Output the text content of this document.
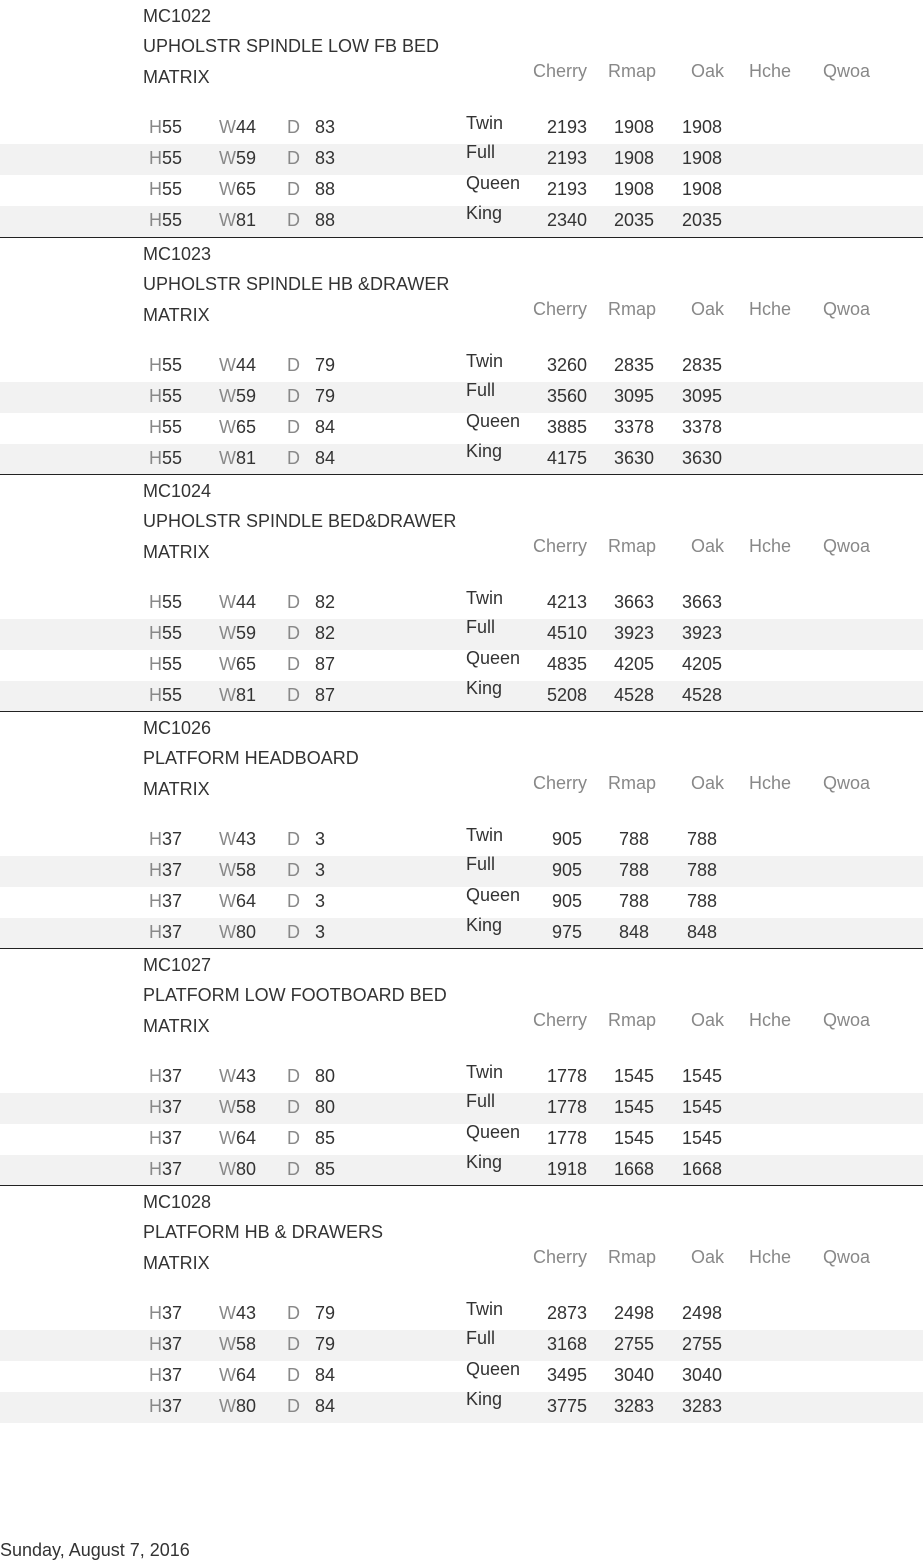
MC1022
UPHOLSTR SPINDLE LOW FB BED
MATRIX	Cherry Rmap Oak Hche Qwoa
H55 W44 D 83	Twin 2193 1908 1908
H55 W59 D 83	Full	2193 1908 1908
H55 W65 D 88	Queen 2193 1908 1908
H55 W81 D 88	King 2340 2035 2035
MC1023
UPHOLSTR SPINDLE HB &DRAWER
MATRIX	Cherry Rmap Oak Hche Qwoa
H55 W44 D 79	Twin 3260 2835 2835
H55 W59 D 79	Full	3560 3095 3095
H55 W65 D 84	Queen 3885 3378 3378
H55 W81 D 84	King 4175 3630 3630
MC1024
UPHOLSTR SPINDLE BED&DRAWER
MATRIX	Cherry Rmap Oak Hche Qwoa
H55 W44 D 82	Twin 4213 3663 3663
H55 W59 D 82	Full	4510 3923 3923
H55 W65 D 87	Queen 4835 4205 4205
H55 W81 D 87	King 5208 4528 4528
MC1026
PLATFORM HEADBOARD
MATRIX	Cherry Rmap Oak Hche Qwoa
H37 W43 D 3	Twin	905	788	788
H37 W58 D 3	Full	905	788	788
H37 W64 D 3	Queen	905	788	788
H37 W80 D 3	King	975	848	848
MC1027
PLATFORM LOW FOOTBOARD BED
MATRIX	Cherry Rmap Oak Hche Qwoa
H37 W43 D 80	Twin 1778 1545 1545
H37 W58 D 80	Full	1778 1545 1545
H37 W64 D 85	Queen 1778 1545 1545
H37 W80 D 85	King 1918 1668 1668
MC1028
PLATFORM HB & DRAWERS
MATRIX	Cherry Rmap Oak Hche Qwoa
H37 W43 D 79	Twin 2873 2498 2498
H37 W58 D 79	Full	3168 2755 2755
H37 W64 D 84	Queen 3495 3040 3040
H37 W80 D 84	King 3775 3283 3283
Sunday, August 7, 2016
